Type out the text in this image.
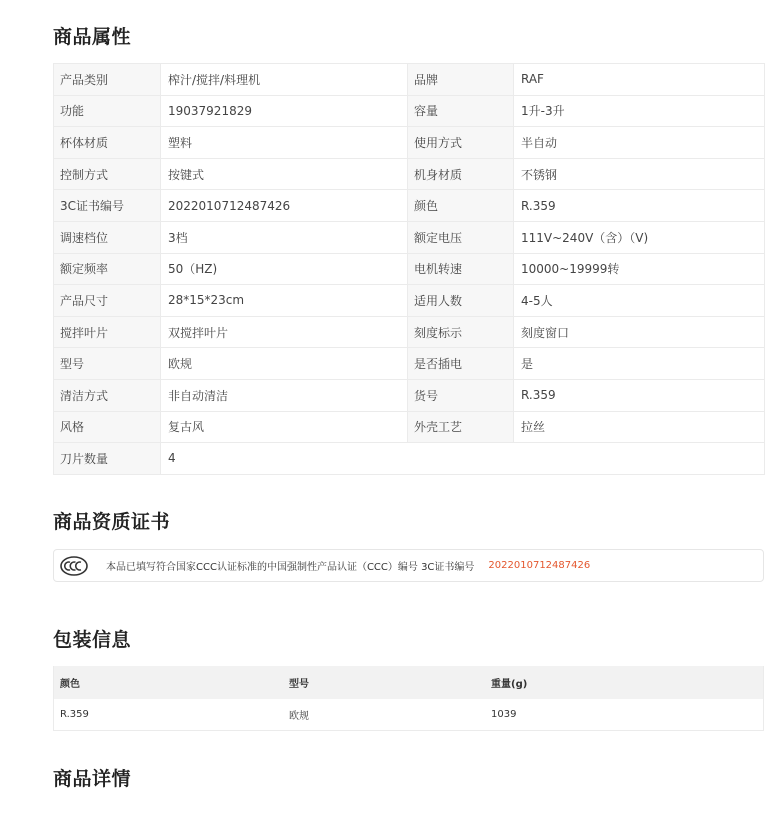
商品属性
产品类别	榨汁/搅拌/料理机	品牌	RAF
功能	19037921829	容量	1升-3升
杯体材质	塑料	使用方式	半自动
控制方式	按键式	机身材质	不锈钢
3C证书编号	2022010712487426	颜色	R.359
调速档位	3档	额定电压	111V~240V（含）（V)
额定频率	50（HZ)	电机转速	10000~19999转
产品尺寸	28*15*23cm	适用人数	4-5人
搅拌叶片	双搅拌叶片	刻度标示	刻度窗口
型号	欧规	是否插电	是
清洁方式	非自动清洁	货号	R.359
风格	复古风	外壳工艺	拉丝
刀片数量	4		
商品资质证书
本品已填写符合国家CCC认证标准的中国强制性产品认证（CCC）编号 3C证书编号 2022010712487426
包装信息
颜色	型号	重量(g)
R.359	欧规	1039
商品详情
